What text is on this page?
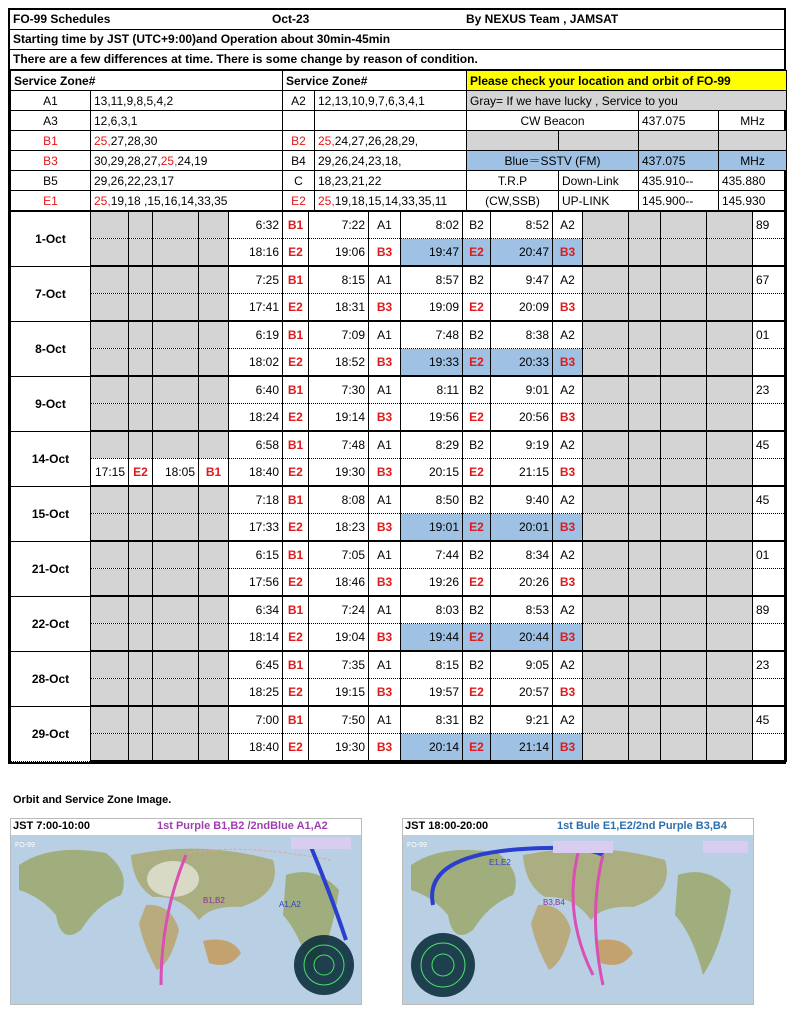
FO-99 Schedules	Oct-23	By NEXUS Team , JAMSAT
Starting time by JST (UTC+9:00)and Operation about 30min-45min
There are a few differences at time. There is some change by reason of condition.
Service Zone#		Service Zone#		Please check your location and orbit of FO-99			
A1	13,11,9,8,5,4,2	A2	12,13,10,9,7,6,3,4,1	Gray= If we have lucky , Service to you			
A3	12,6,3,1			CW Beacon		437.075	MHz
B1	25,27,28,30	B2	25,24,27,26,28,29,				
B3	30,29,28,27,25,24,19	B4	29,26,24,23,18,	Blue＝SSTV (FM)		437.075	MHz
B5	29,26,22,23,17	C	18,23,21,22	T.R.P	Down-Link	435.910--	435.880
E1	25,19,18 ,15,16,14,33,35	E2	25,19,18,15,14,33,35,11	(CW,SSB)	UP-LINK	145.900--	145.930
1-Oct					6:32	B1	7:22	A1	8:02	B2	8:52	A2					89
					18:16	E2	19:06	B3	19:47	E2	20:47	B3					
7-Oct					7:25	B1	8:15	A1	8:57	B2	9:47	A2					67
					17:41	E2	18:31	B3	19:09	E2	20:09	B3					
8-Oct					6:19	B1	7:09	A1	7:48	B2	8:38	A2					01
					18:02	E2	18:52	B3	19:33	E2	20:33	B3					
9-Oct					6:40	B1	7:30	A1	8:11	B2	9:01	A2					23
					18:24	E2	19:14	B3	19:56	E2	20:56	B3					
14-Oct					6:58	B1	7:48	A1	8:29	B2	9:19	A2					45
	17:15	E2	18:05	B1	18:40	E2	19:30	B3	20:15	E2	21:15	B3					
15-Oct					7:18	B1	8:08	A1	8:50	B2	9:40	A2					45
					17:33	E2	18:23	B3	19:01	E2	20:01	B3					
21-Oct					6:15	B1	7:05	A1	7:44	B2	8:34	A2					01
					17:56	E2	18:46	B3	19:26	E2	20:26	B3					
22-Oct					6:34	B1	7:24	A1	8:03	B2	8:53	A2					89
					18:14	E2	19:04	B3	19:44	E2	20:44	B3					
28-Oct					6:45	B1	7:35	A1	8:15	B2	9:05	A2					23
					18:25	E2	19:15	B3	19:57	E2	20:57	B3					
29-Oct					7:00	B1	7:50	A1	8:31	B2	9:21	A2					45
					18:40	E2	19:30	B3	20:14	E2	21:14	B3					
Orbit and Service Zone Image.
JST 7:00-10:00	1st Purple B1,B2 /2ndBlue A1,A2
FO-99
B1,B2	A1,A2
JST 18:00-20:00	1st Bule E1,E2/2nd Purple B3,B4
FO-99
E1,E2
B3,B4
